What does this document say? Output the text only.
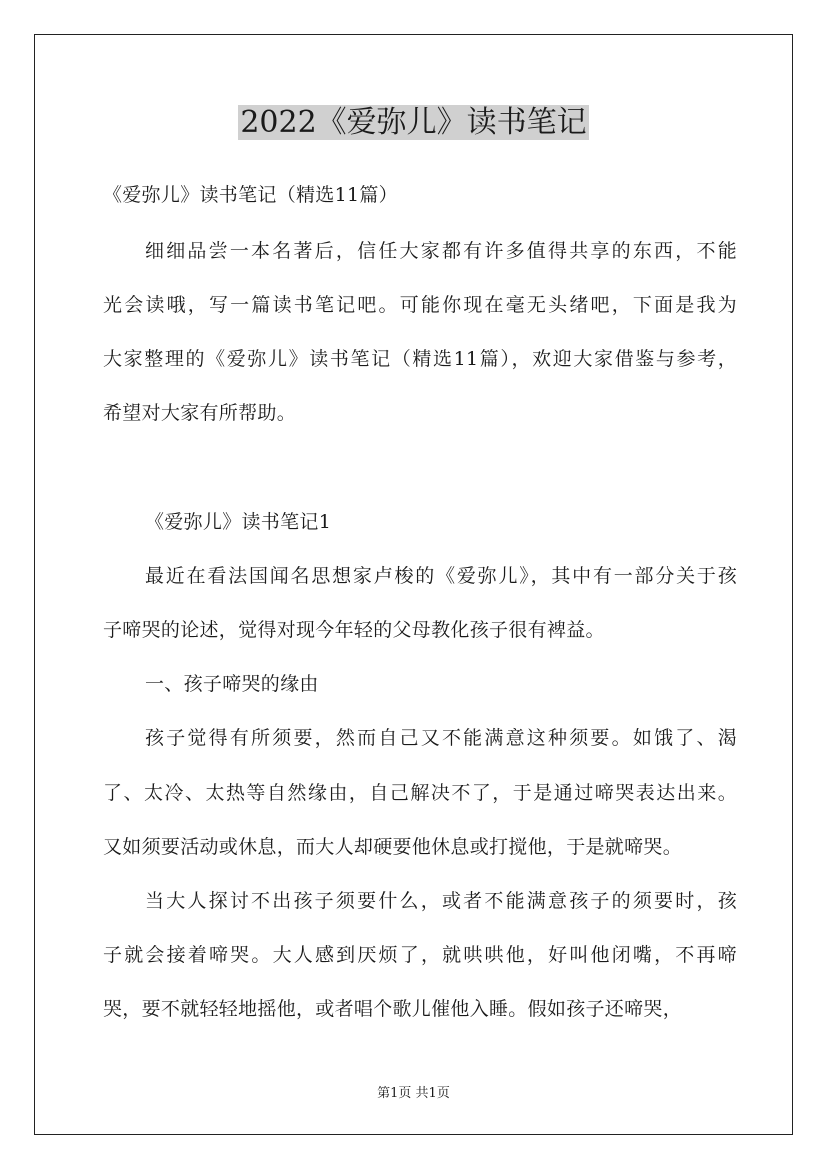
2022《爱弥儿》读书笔记
《爱弥儿》读书笔记（精选11篇）
细细品尝一本名著后，信任大家都有许多值得共享的东西，不能
光会读哦，写一篇读书笔记吧。可能你现在毫无头绪吧，下面是我为
大家整理的《爱弥儿》读书笔记（精选11篇），欢迎大家借鉴与参考，
希望对大家有所帮助。
《爱弥儿》读书笔记1
最近在看法国闻名思想家卢梭的《爱弥儿》，其中有一部分关于孩
子啼哭的论述，觉得对现今年轻的父母教化孩子很有裨益。
一、孩子啼哭的缘由
孩子觉得有所须要，然而自己又不能满意这种须要。如饿了、渴
了、太冷、太热等自然缘由，自己解决不了，于是通过啼哭表达出来。
又如须要活动或休息，而大人却硬要他休息或打搅他，于是就啼哭。
当大人探讨不出孩子须要什么，或者不能满意孩子的须要时，孩
子就会接着啼哭。大人感到厌烦了，就哄哄他，好叫他闭嘴，不再啼
哭，要不就轻轻地摇他，或者唱个歌儿催他入睡。假如孩子还啼哭，
第1页 共1页
